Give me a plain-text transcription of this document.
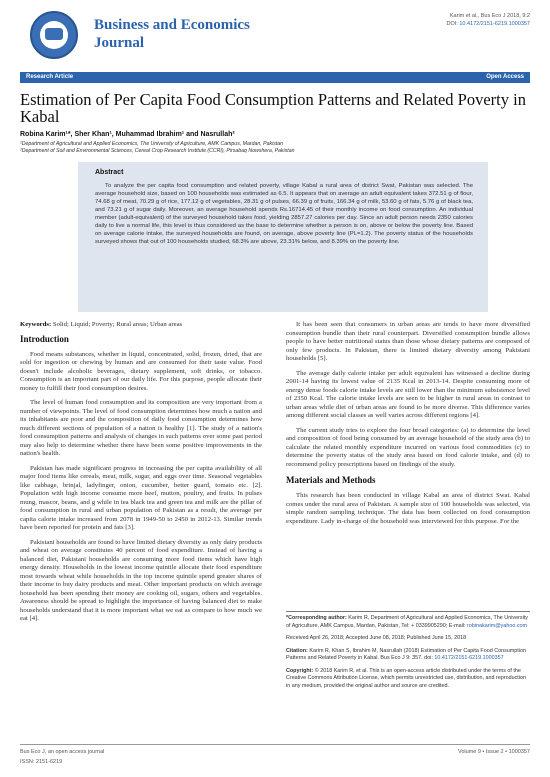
Business and Economics
Journal
Karim et al., Bus Eco J 2018, 9:2
DOI: 10.4172/2151-6219.1000357
Research Article	Open Access
Estimation of Per Capita Food Consumption Patterns and Related Poverty in Kabal
Robina Karim¹*, Sher Khan¹, Muhammad Ibrahim¹ and Nasrullah²
¹Department of Agricultural and Applied Economics, The University of Agriculture, AMK Campus, Mardan, Pakistan
²Department of Soil and Environmental Sciences, Cereal Crop Research Institute (CCRI), Pirsabaq Nowshera, Pakistan
Abstract

To analyze the per capita food consumption and related poverty, village Kabal a rural area of district Swat, Pakistan was selected. The average household size, based on 100 households was estimated as 6.5. It appears that on average an adult equivalent takes 372.51 g of flour, 74.68 g of meat, 70.29 g of rice, 177.12 g of vegetables, 28.31 g of pulses, 66.39 g of fruits, 166.34 g of milk, 53.60 g of fats, 5.76 g of black tea, and 73.21 g of sugar daily. Moreover, an average household spends Rs.16714.45 of their monthly income on food consumption. An individual member (adult-equivalent) of the surveyed household takes food, yielding 2857.27 calories per day. Since an adult person needs 2350 calories daily to live a normal life, this level is thus considered as the base to determine whether a person is on, above or below the poverty line. Based on average calorie intake, the surveyed households are found, on average, above poverty line (PL=1.2). The poverty status of the households surveyed shows that out of 100 households studied, 68.3% are above, 23.31% below, and 8.39% on the poverty line.

Keywords: Solid; Liquid; Poverty; Rural areas; Urban areas

Introduction

Food means substances, whether in liquid, concentrated, solid, frozen, dried, that are sold for ingestion or chewing by human and are consumed for their taste value. Food doesn't include alcoholic beverages, dietary supplement, soft drinks, or tobacco. Consumption is an important part of our daily life. For this purpose, people allocate their money to fulfill their food consumption desires.

The level of human food consumption and its composition are very important from a number of viewpoints. The level of food consumption determines how much a nation and its inhabitants are poor and the composition of daily food consumption determines how much different sections of population of a nation is healthy [1]. The study of a nation's food consumption patterns and analysis of changes in such patterns over some past period may also help to determine whether there have been some positive improvements in the nation's health.

Pakistan has made significant progress in increasing the per capita availability of all major food items like cereals, meat, milk, sugar, and eggs over time. Seasonal vegetables like cabbage, brinjal, ladyfinger, onion, cucumber, better guard, tomato etc. [2]. Population with high income consume more beef, mutton, poultry, and fruits. In pulses mung, mascor, beans, and g while in tea black tea and green tea and milk are the pillar of food consumption in rural and urban population of Pakistan as a result, the average per capita calorie intake increased from 2078 in 1949-50 to 2450 in 2012-13. Similar trends have been reported for protein and fats [3].

Pakistani households are found to have limited dietary diversity as only dairy products and wheat on average constitutes 40 percent of food expenditure. Instead of having a balanced diet, Pakistani households are consuming more food items which have high energy density. Households in the lowest income quintile allocate their food expenditure most towards wheat while households in the top income quintile spend greater shares of their income to buy dairy products and meat. Other important products on which average household has been spending their money are cooking oil, sugars, others and vegetables. Awareness should be spread to highlight the importance of having balanced diet to make households understand that it is more important what we eat as compare to how much we eat [4].

It has been seen that consumers in urban areas are tends to have more diversified consumption bundle than their rural counterpart. Diversified consumption bundle allows people to have better nutritional status than those whose dietary patterns are composed of only few products. In Pakistan, there is limited dietary diversity among Pakistani households [5].

The average daily calorie intake per adult equivalent has witnessed a decline during 2001-14 having its lowest value of 2135 Kcal in 2013-14. Despite consuming more of energy dense foods calorie intake levels are still lower than the minimum subsistence level of 2350 Kcal. The calorie intake levels are seen to be higher in rural areas in contrast to urban areas while diet of urban areas are found to be more diverse. This difference varies among different social classes as well varies across different regions [4].

The current study tries to explore the four broad categories: (a) to determine the level and composition of food being consumed by an average household of the study area (b) to calculate the related monthly expenditure incurred on various food commodities (c) to determine the poverty status of the study area based on food calorie intake, and (d) to recommend policy prescriptions based on findings of the study.

Materials and Methods

This research has been conducted in village Kabal an area of district Swat. Kabal comes under the rural area of Pakistan. A sample size of 100 households was selected, via simple random sampling technique. The data has been collected on food consumption expenditure. Lady in-charge of the household was interviewed for this purpose. For the

*Corresponding author: Karim R, Department of Agricultural and Applied Economics, The University of Agriculture, AMK Campus, Mardan, Pakistan, Tel: + 0339905290; E-mail: robinakarim@yahoo.com

Received April 26, 2018; Accepted June 08, 2018; Published June 15, 2018

Citation: Karim R, Khan S, Ibrahim M, Nasrullah (2018) Estimation of Per Capita Food Consumption Patterns and Related Poverty in Kabal. Bus Eco J 9: 357. doi: 10.4172/2151-6219.1000357

Copyright: © 2018 Karim R, et al. This is an open-access article distributed under the terms of the Creative Commons Attribution License, which permits unrestricted use, distribution, and reproduction in any medium, provided the original author and source are credited.

Bus Eco J, an open access journal
ISSN: 2151-6219
Volume 9 • Issue 2 • 1000357
